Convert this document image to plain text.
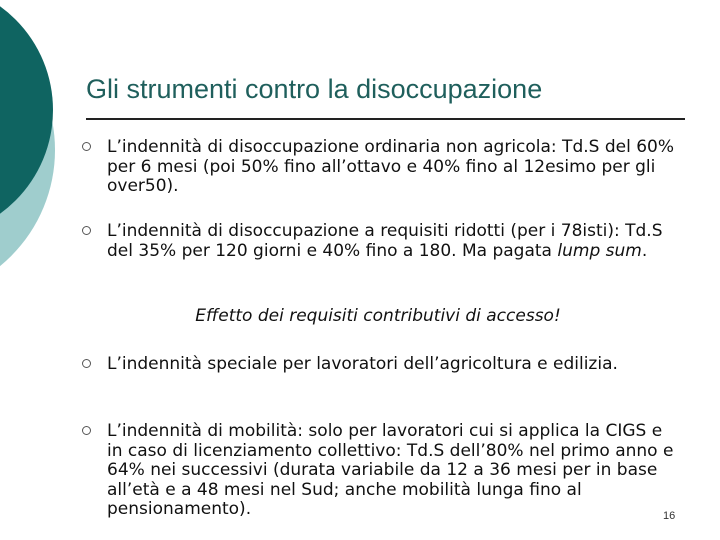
Gli strumenti contro la disoccupazione
L’indennità di disoccupazione ordinaria non agricola: Td.S del 60% per 6 mesi (poi 50% fino all’ottavo e 40% fino al 12esimo per gli over50).
L’indennità di disoccupazione a requisiti ridotti (per i 78isti): Td.S del 35% per 120 giorni e 40% fino a 180. Ma pagata lump sum.
Effetto dei requisiti contributivi di accesso!
L’indennità speciale per lavoratori dell’agricoltura e edilizia.
L’indennità di mobilità: solo per lavoratori cui si applica la CIGS e in caso di licenziamento collettivo: Td.S dell’80% nel primo anno e 64% nei successivi (durata variabile da 12 a 36 mesi per in base all’età e a 48 mesi nel Sud; anche mobilità lunga fino al pensionamento).	16
